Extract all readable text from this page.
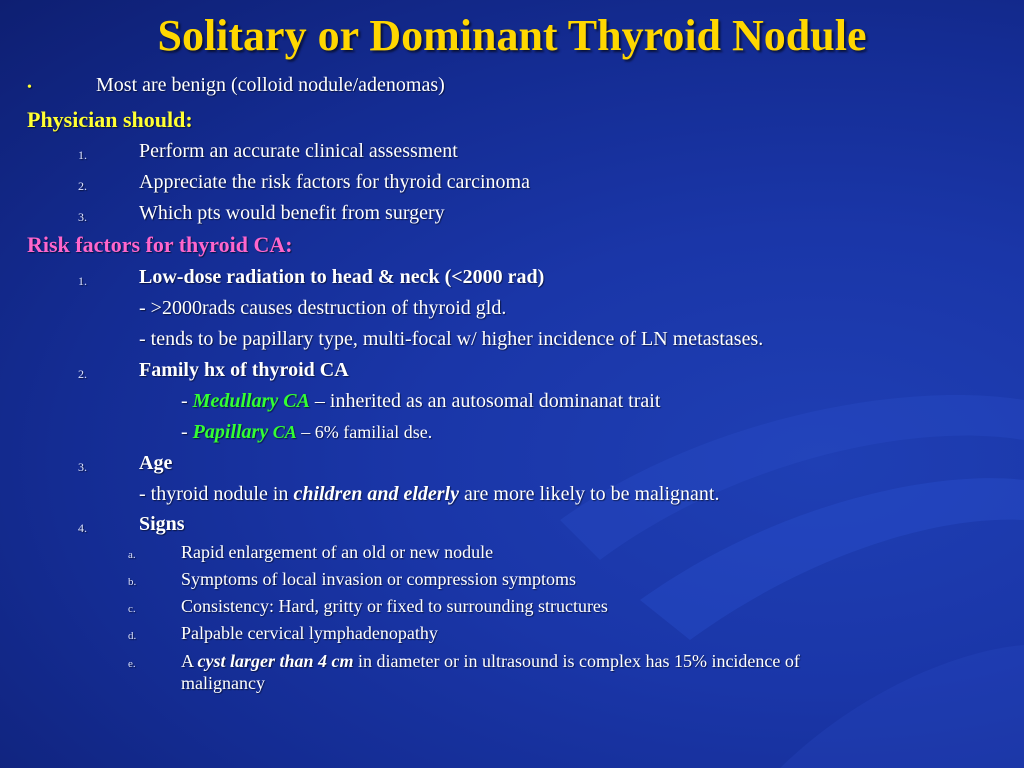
Solitary or Dominant Thyroid Nodule
•	Most are benign (colloid nodule/adenomas)
Physician should:
1.	Perform an accurate clinical assessment
2.	Appreciate the risk factors for thyroid carcinoma
3.	Which pts would benefit from surgery
Risk factors for thyroid CA:
1.	Low-dose radiation to head & neck (<2000 rad)
- >2000rads causes destruction of thyroid gld.
- tends to be papillary type, multi-focal w/ higher incidence of LN metastases.
2.	Family hx of thyroid CA
- Medullary CA – inherited as an autosomal dominanat trait
- Papillary CA – 6% familial dse.
3.	Age
- thyroid nodule in children and elderly are more likely to be malignant.
4.	Signs
a.	Rapid enlargement of an old or new nodule
b. Symptoms of local invasion or compression symptoms
c.	Consistency: Hard, gritty or fixed to surrounding structures
d. Palpable cervical lymphadenopathy
e.	A cyst larger than 4 cm in diameter or in ultrasound is complex has 15% incidence of
malignancy
